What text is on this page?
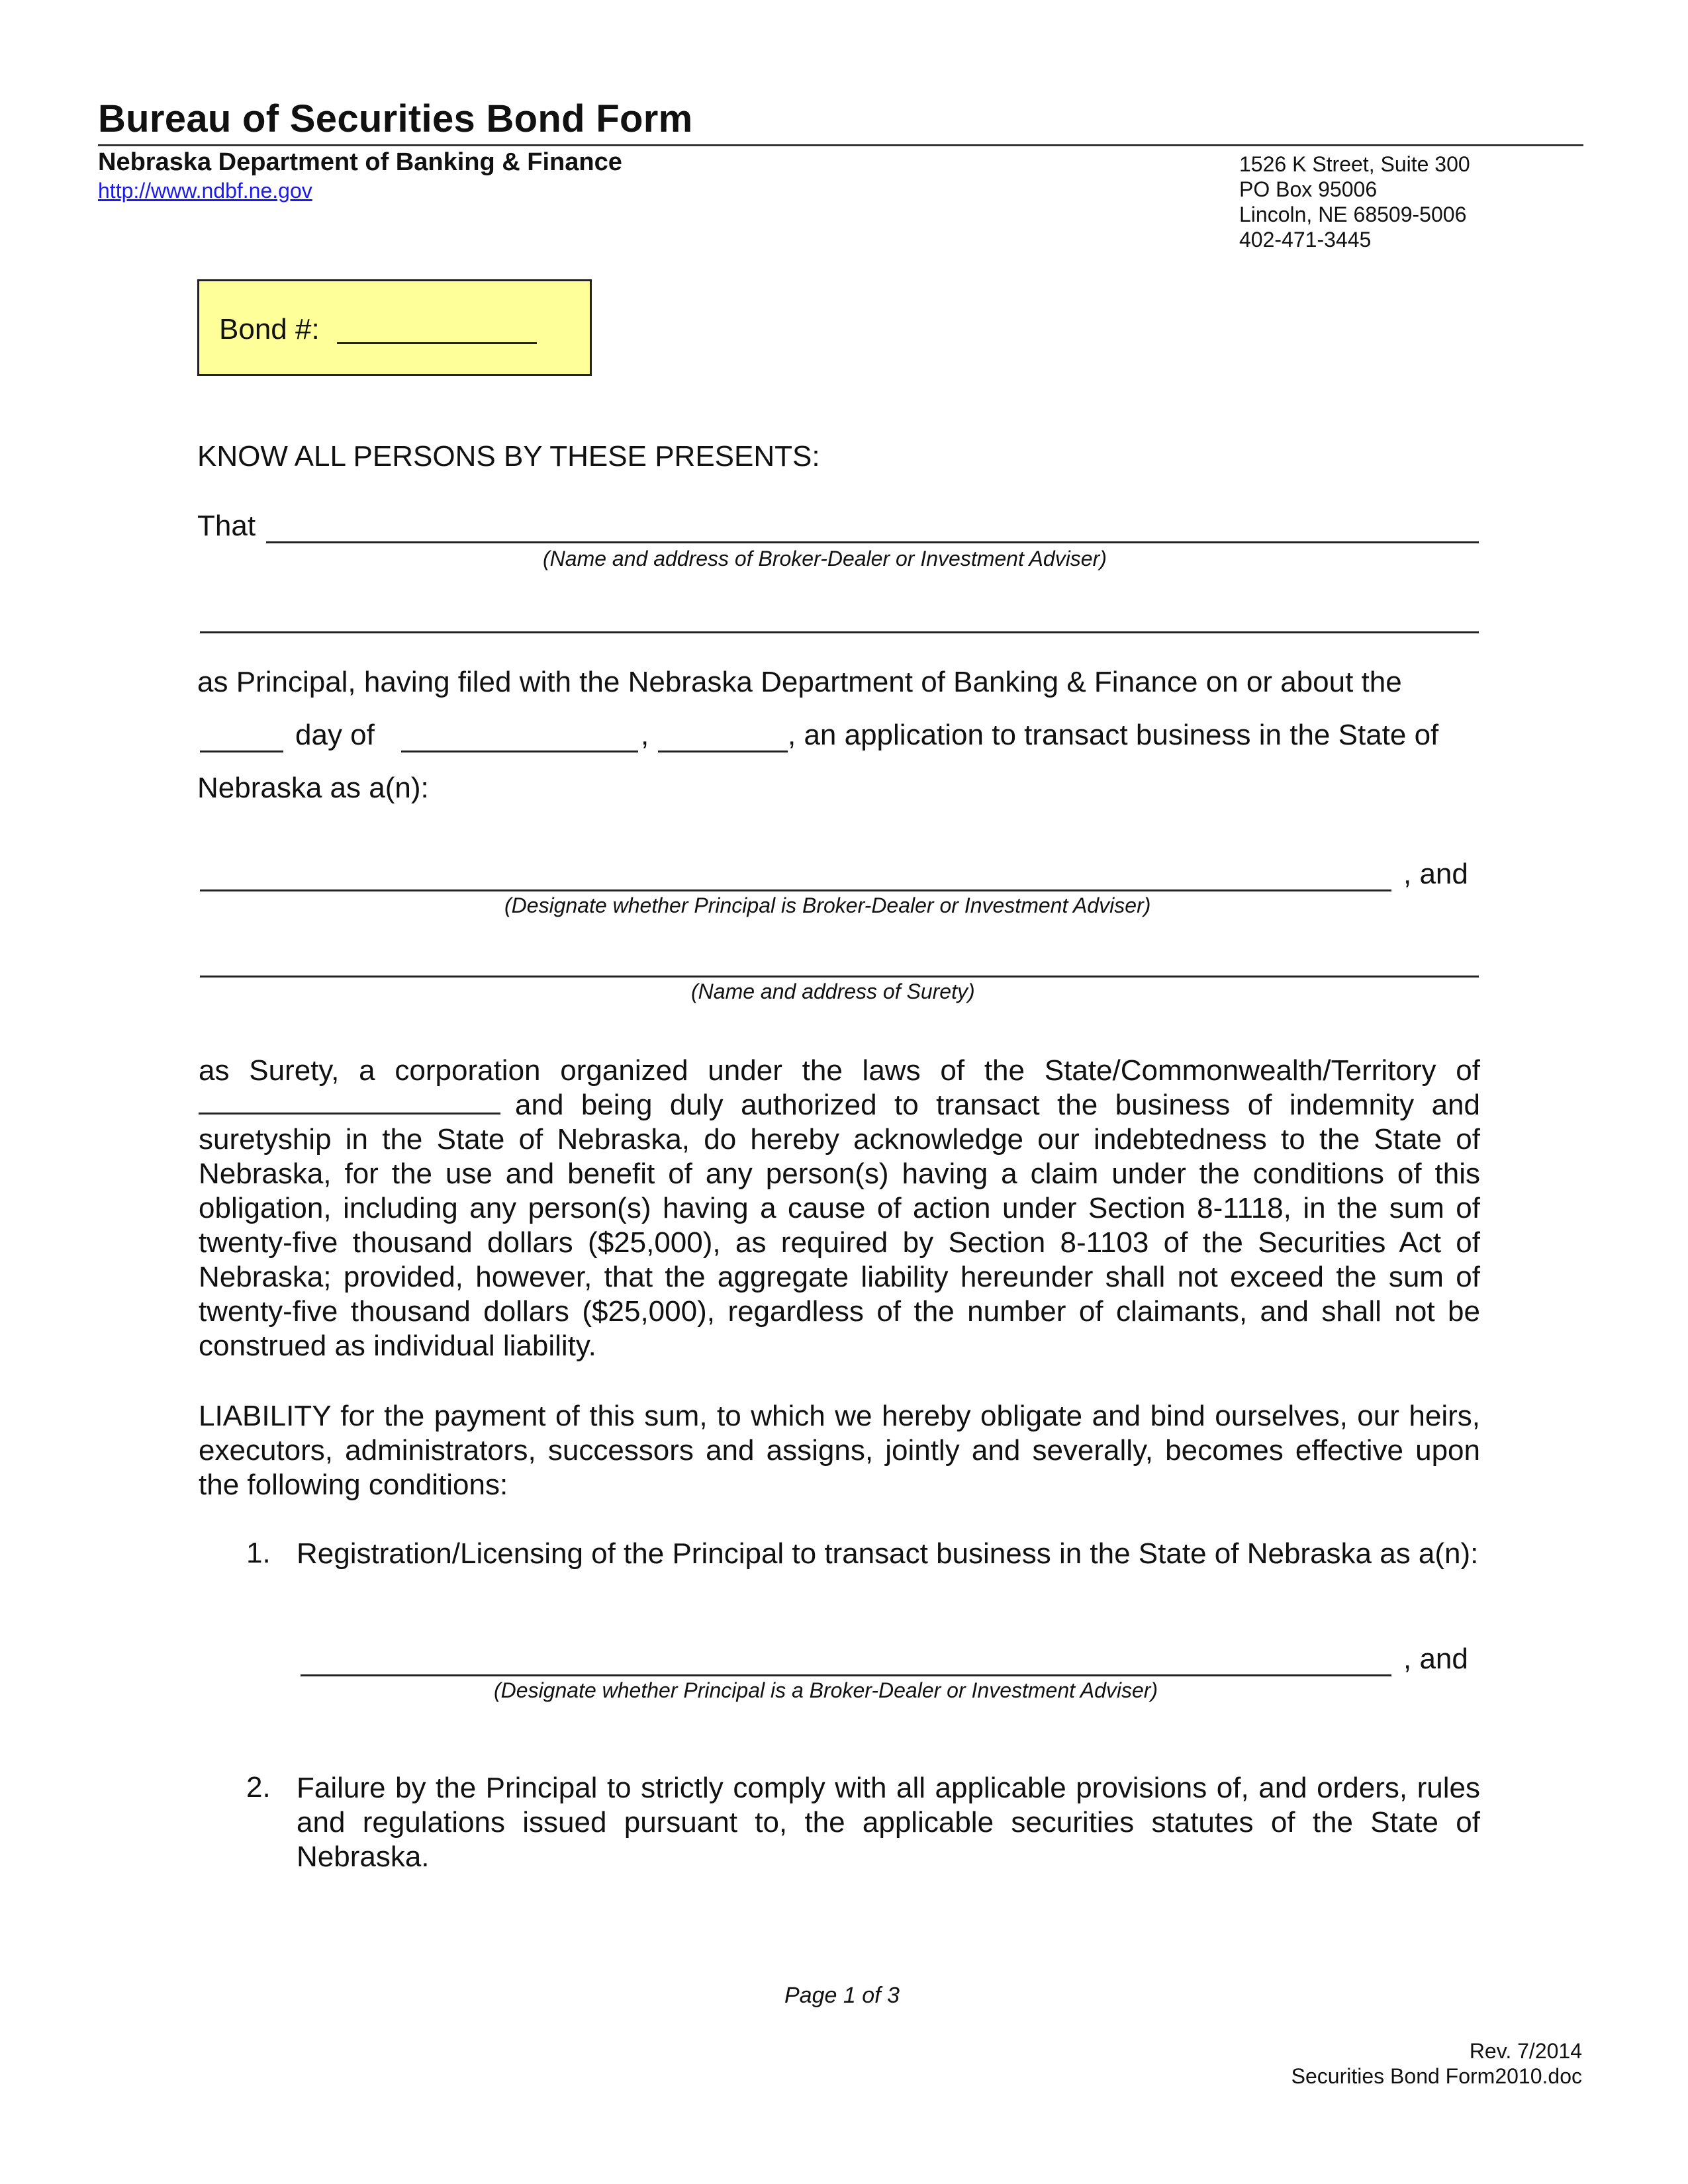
Bureau of Securities Bond Form
Nebraska Department of Banking & Finance
http://www.ndbf.ne.gov
1526 K Street, Suite 300
PO Box 95006
Lincoln, NE 68509-5006
402-471-3445
Bond #:
KNOW ALL PERSONS BY THESE PRESENTS:
That
(Name and address of Broker-Dealer or Investment Adviser)
as Principal, having filed with the Nebraska Department of Banking & Finance on or about the
day of	,	, an application to transact business in the State of
Nebraska as a(n):
, and
(Designate whether Principal is Broker-Dealer or Investment Adviser)
(Name and address of Surety)
as Surety, a corporation organized under the laws of the State/Commonwealth/Territory of and being duly authorized to transact the business of indemnity and suretyship in the State of Nebraska, do hereby acknowledge our indebtedness to the State of Nebraska, for the use and benefit of any person(s) having a claim under the conditions of this obligation, including any person(s) having a cause of action under Section 8-1118, in the sum of twenty-five thousand dollars ($25,000), as required by Section 8-1103 of the Securities Act of Nebraska; provided, however, that the aggregate liability hereunder shall not exceed the sum of twenty-five thousand dollars ($25,000), regardless of the number of claimants, and shall not be construed as individual liability.
LIABILITY for the payment of this sum, to which we hereby obligate and bind ourselves, our heirs, executors, administrators, successors and assigns, jointly and severally, becomes effective upon the following conditions:
1. Registration/Licensing of the Principal to transact business in the State of Nebraska as a(n):
, and
(Designate whether Principal is a Broker-Dealer or Investment Adviser)
2. Failure by the Principal to strictly comply with all applicable provisions of, and orders, rules and regulations issued pursuant to, the applicable securities statutes of the State of Nebraska.
Page 1 of 3
Rev. 7/2014
Securities Bond Form2010.doc
